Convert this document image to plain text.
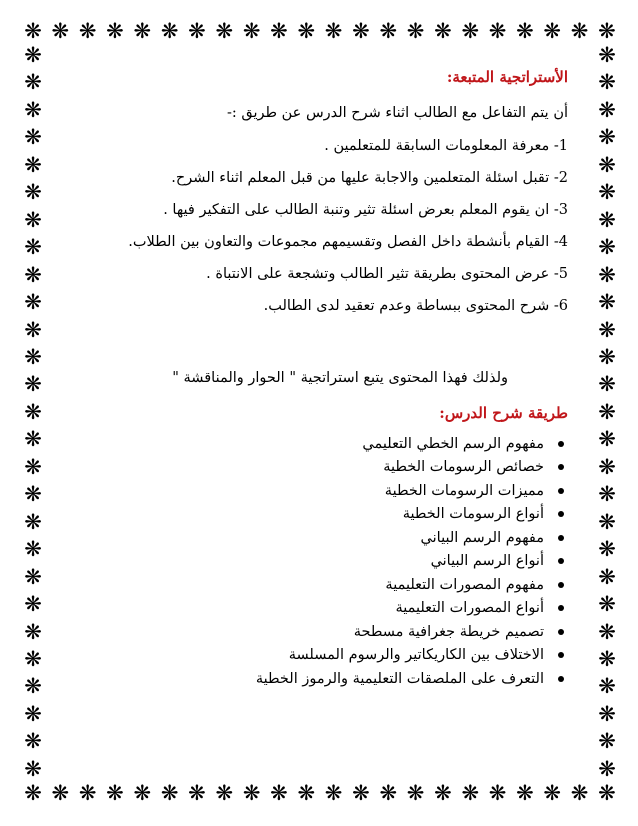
❋ ❋ ❋ ❋ ❋ ❋ ❋ ❋ ❋ ❋ ❋ ❋ ❋ ❋ ❋ ❋ ❋ ❋ ❋ ❋ ❋ ❋
❋ ❋ ❋ ❋ ❋ ❋ ❋ ❋ ❋ ❋ ❋ ❋ ❋ ❋ ❋ ❋ ❋ ❋ ❋ ❋ ❋ ❋
❋
❋
❋
❋
❋
❋
❋
❋
❋
❋
❋
❋
❋
❋
❋
❋
❋
❋
❋
❋
❋
❋
❋
❋
❋
❋
❋
❋
❋
❋
❋
❋
❋
❋
❋
❋
❋
❋
❋
❋
❋
❋
❋
❋
❋
❋
❋
❋
❋
❋
❋
❋
❋
❋

الأستراتجية المتبعة:

أن يتم التفاعل مع الطالب اثناء شرح الدرس عن طريق :-

1- معرفة المعلومات السابقة للمتعلمين .

2- تقبل اسئلة المتعلمين والاجابة عليها من قبل المعلم اثناء الشرح.

3- ان يقوم المعلم بعرض اسئلة تثير وتنبة الطالب على التفكير فيها .

4- القيام بأنشطة داخل الفصل وتقسيمهم مجموعات والتعاون بين الطلاب.

5- عرض المحتوى بطريقة تثير الطالب وتشجعة على الانتباة .

6- شرح المحتوى ببساطة وعدم تعقيد لدى الطالب.

ولذلك فهذا المحتوى يتبع استراتجية " الحوار والمناقشة "

طريقة شرح الدرس:

مفهوم الرسم الخطي التعليمي
خصائص الرسومات الخطية
مميزات الرسومات الخطية
أنواع الرسومات الخطية
مفهوم الرسم البياني
أنواع الرسم البياني
مفهوم المصورات التعليمية
أنواع المصورات التعليمية
تصميم خريطة جغرافية مسطحة
الاختلاف بين الكاريكاتير والرسوم المسلسة
التعرف على الملصقات التعليمية والرموز الخطية
